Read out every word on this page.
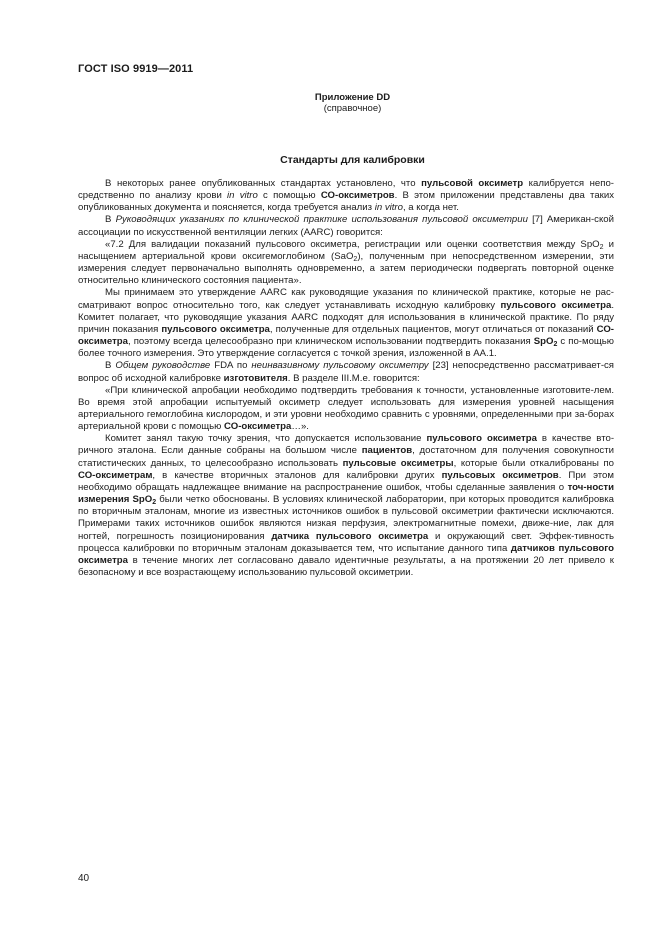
ГОСТ ISO 9919—2011
Приложение DD
(справочное)
Стандарты для калибровки

В некоторых ранее опубликованных стандартах установлено, что пульсовой оксиметр калибруется непо-средственно по анализу крови in vitro с помощью СО-оксиметров. В этом приложении представлены два таких опубликованных документа и поясняется, когда требуется анализ in vitro, а когда нет.

В Руководящих указаниях по клинической практике использования пульсовой оксиметрии [7] Американ-ской ассоциации по искусственной вентиляции легких (AARC) говорится:

«7.2 Для валидации показаний пульсового оксиметра, регистрации или оценки соответствия между SpO$_2$ и насыщением артериальной крови оксигемоглобином (SaO$_2$), полученным при непосредственном измерении, эти измерения следует первоначально выполнять одновременно, а затем периодически подвергать повторной оценке относительно клинического состояния пациента».

Мы принимаем это утверждение AARC как руководящие указания по клинической практике, которые не рас-сматривают вопрос относительно того, как следует устанавливать исходную калибровку пульсового оксиметра. Комитет полагает, что руководящие указания AARC подходят для использования в клинической практике. По ряду причин показания пульсового оксиметра, полученные для отдельных пациентов, могут отличаться от показаний СО-оксиметра, поэтому всегда целесообразно при клиническом использовании подтвердить показания SpO$_2$ с по-мощью более точного измерения. Это утверждение согласуется с точкой зрения, изложенной в АА.1.

В Общем руководстве FDA по неинвазивному пульсовому оксиметру [23] непосредственно рассматривает-ся вопрос об исходной калибровке изготовителя. В разделе III.M.е. говорится:

«При клинической апробации необходимо подтвердить требования к точности, установленные изготовите-лем. Во время этой апробации испытуемый оксиметр следует использовать для измерения уровней насыщения артериального гемоглобина кислородом, и эти уровни необходимо сравнить с уровнями, определенными при за-борах артериальной крови с помощью СО-оксиметра…».

Комитет занял такую точку зрения, что допускается использование пульсового оксиметра в качестве вто-ричного эталона. Если данные собраны на большом числе пациентов, достаточном для получения совокупности статистических данных, то целесообразно использовать пульсовые оксиметры, которые были откалиброваны по СО-оксиметрам, в качестве вторичных эталонов для калибровки других пульсовых оксиметров. При этом необходимо обращать надлежащее внимание на распространение ошибок, чтобы сделанные заявления о точ-ности измерения SpO$_2$ были четко обоснованы. В условиях клинической лаборатории, при которых проводится калибровка по вторичным эталонам, многие из известных источников ошибок в пульсовой оксиметрии фактически исключаются. Примерами таких источников ошибок являются низкая перфузия, электромагнитные помехи, движе-ние, лак для ногтей, погрешность позиционирования датчика пульсового оксиметра и окружающий свет. Эффек-тивность процесса калибровки по вторичным эталонам доказывается тем, что испытание данного типа датчиков пульсового оксиметра в течение многих лет согласовано давало идентичные результаты, а на протяжении 20 лет привело к безопасному и все возрастающему использованию пульсовой оксиметрии.

40
